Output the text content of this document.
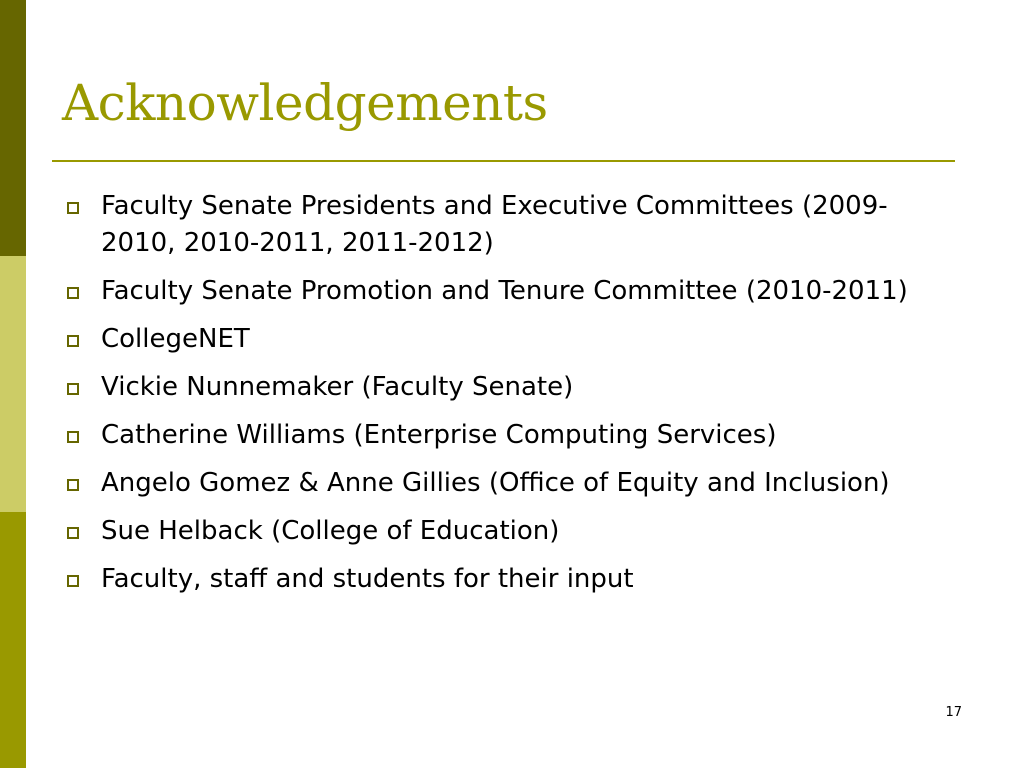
Acknowledgements
Faculty Senate Presidents and Executive Committees (2009-2010, 2010-2011, 2011-2012)
Faculty Senate Promotion and Tenure Committee (2010-2011)
CollegeNET
Vickie Nunnemaker (Faculty Senate)
Catherine Williams (Enterprise Computing Services)
Angelo Gomez & Anne Gillies (Office of Equity and Inclusion)
Sue Helback (College of Education)
Faculty, staff and students for their input
17
